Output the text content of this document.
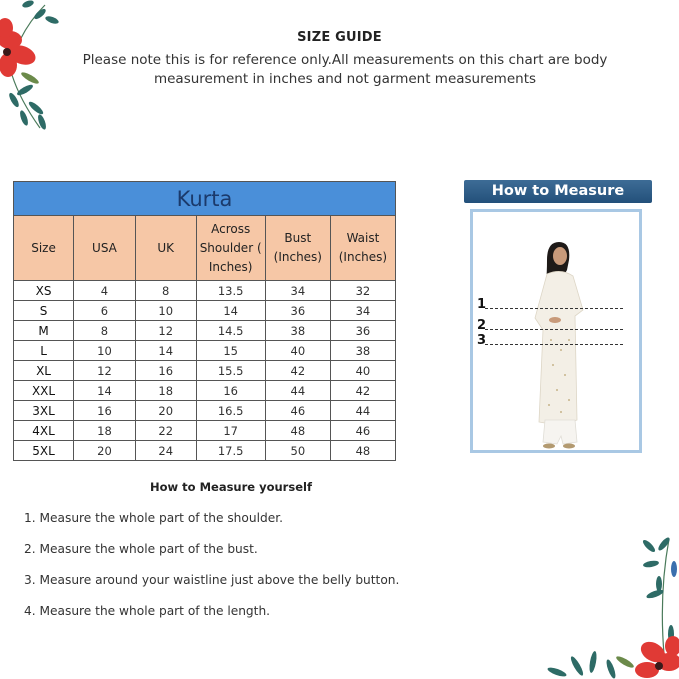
SIZE GUIDE
Please note this is for reference only.All measurements on this chart are body measurement in inches and not garment measurements
Kurta					
Size	USA	UK	Across Shoulder ( Inches)	Bust (Inches)	Waist (Inches)
XS	4	8	13.5	34	32
S	6	10	14	36	34
M	8	12	14.5	38	36
L	10	14	15	40	38
XL	12	16	15.5	42	40
XXL	14	18	16	44	42
3XL	16	20	16.5	46	44
4XL	18	22	17	48	46
5XL	20	24	17.5	50	48
How to Measure
1
2
3
How to Measure yourself
1. Measure the whole part of the shoulder.
2. Measure the whole part of the bust.
3. Measure around your waistline just above the belly button.
4. Measure the whole part of the length.
